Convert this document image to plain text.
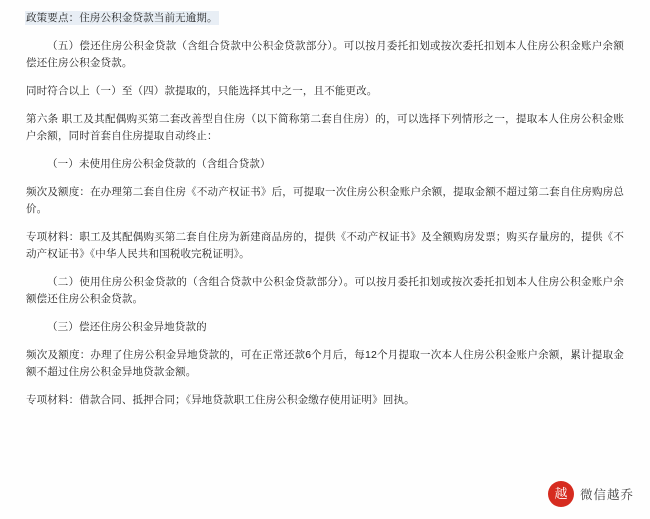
政策要点：住房公积金贷款当前无逾期。

（五）偿还住房公积金贷款（含组合贷款中公积金贷款部分）。可以按月委托扣划或按次委托扣划本人住房公积金账户余额偿还住房公积金贷款。

同时符合以上（一）至（四）款提取的，只能选择其中之一，且不能更改。

第六条 职工及其配偶购买第二套改善型自住房（以下简称第二套自住房）的，可以选择下列情形之一，提取本人住房公积金账户余额，同时首套自住房提取自动终止：

（一）未使用住房公积金贷款的（含组合贷款）

频次及额度：在办理第二套自住房《不动产权证书》后，可提取一次住房公积金账户余额，提取金额不超过第二套自住房购房总价。

专项材料：职工及其配偶购买第二套自住房为新建商品房的，提供《不动产权证书》及全额购房发票；购买存量房的，提供《不动产权证书》《中华人民共和国税收完税证明》。

（二）使用住房公积金贷款的（含组合贷款中公积金贷款部分）。可以按月委托扣划或按次委托扣划本人住房公积金账户余额偿还住房公积金贷款。

（三）偿还住房公积金异地贷款的

频次及额度：办理了住房公积金异地贷款的，可在正常还款6个月后，每12个月提取一次本人住房公积金账户余额，累计提取金额不超过住房公积金异地贷款金额。

专项材料：借款合同、抵押合同；《异地贷款职工住房公积金缴存使用证明》回执。

越	微信越乔
